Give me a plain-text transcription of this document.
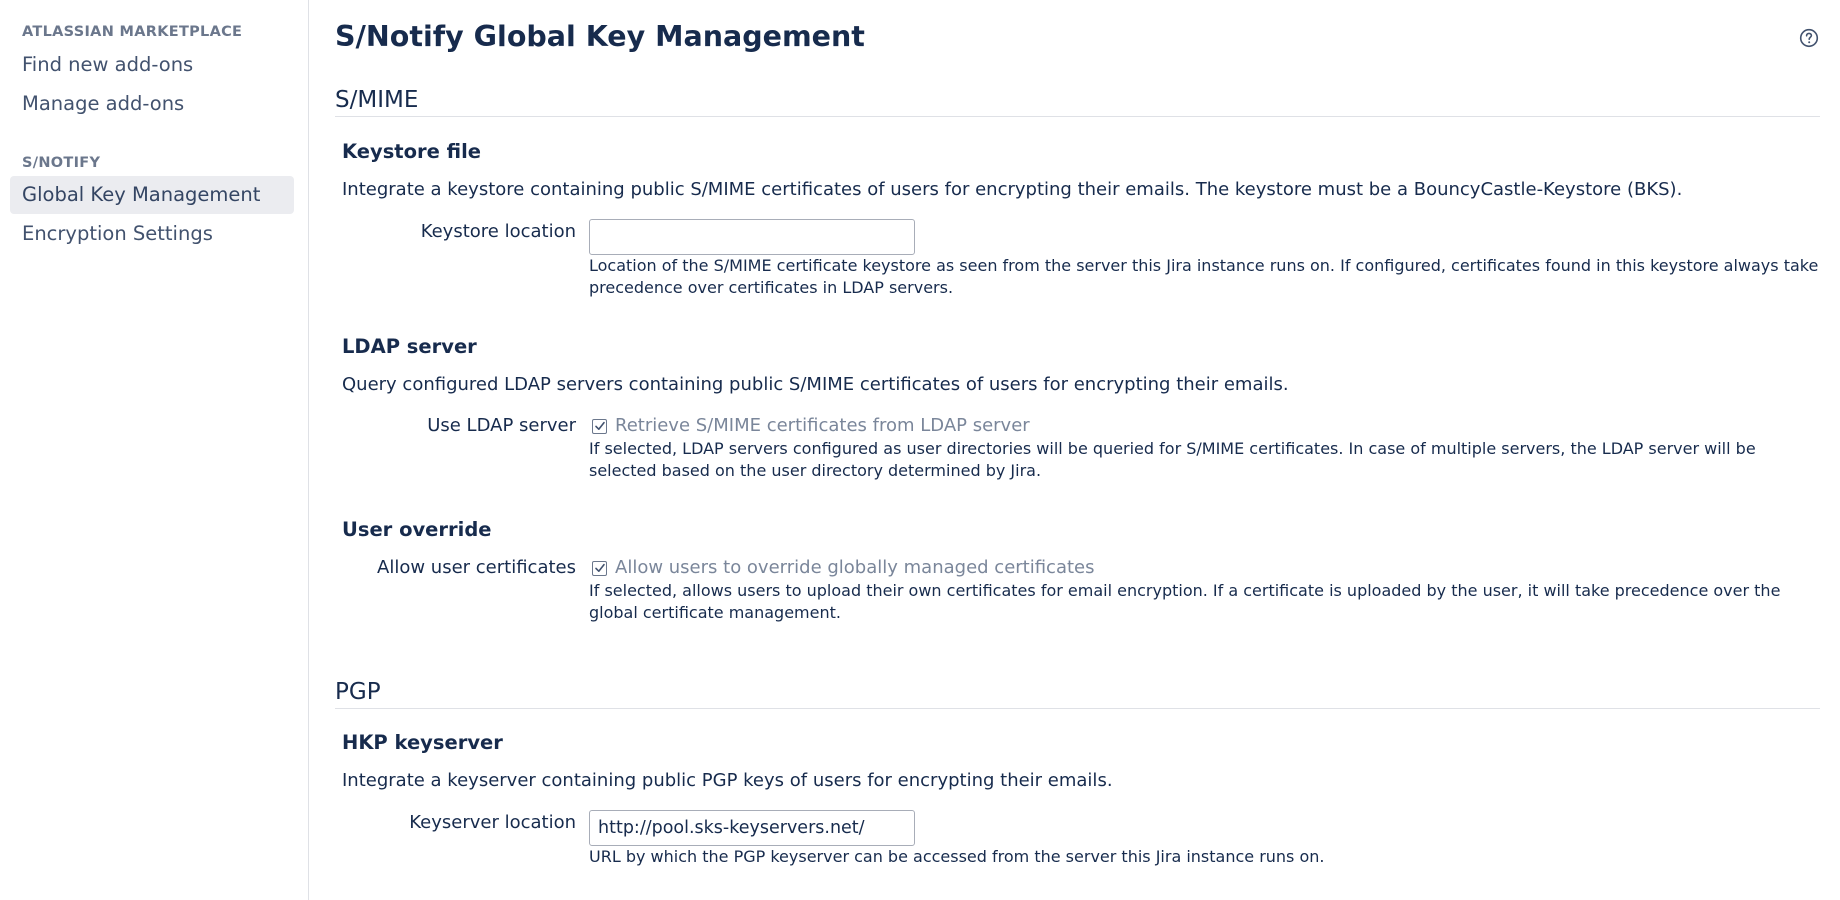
ATLASSIAN MARKETPLACE
Find new add-ons
Manage add-ons
S/NOTIFY
Global Key Management
Encryption Settings
S/Notify Global Key Management
S/MIME
Keystore file

Integrate a keystore containing public S/MIME certificates of users for encrypting their emails. The keystore must be a BouncyCastle-Keystore (BKS).

Keystore location

Location of the S/MIME certificate keystore as seen from the server this Jira instance runs on. If configured, certificates found in this keystore always take precedence over certificates in LDAP servers.

LDAP server

Query configured LDAP servers containing public S/MIME certificates of users for encrypting their emails.

Use LDAP server Retrieve S/MIME certificates from LDAP server

If selected, LDAP servers configured as user directories will be queried for S/MIME certificates. In case of multiple servers, the LDAP server will be selected based on the user directory determined by Jira.

User override
Allow user certificates Allow users to override globally managed certificates

If selected, allows users to upload their own certificates for email encryption. If a certificate is uploaded by the user, it will take precedence over the global certificate management.

PGP
HKP keyserver

Integrate a keyserver containing public PGP keys of users for encrypting their emails.

Keyserver location
http://pool.sks-keyservers.net/

URL by which the PGP keyserver can be accessed from the server this Jira instance runs on.
